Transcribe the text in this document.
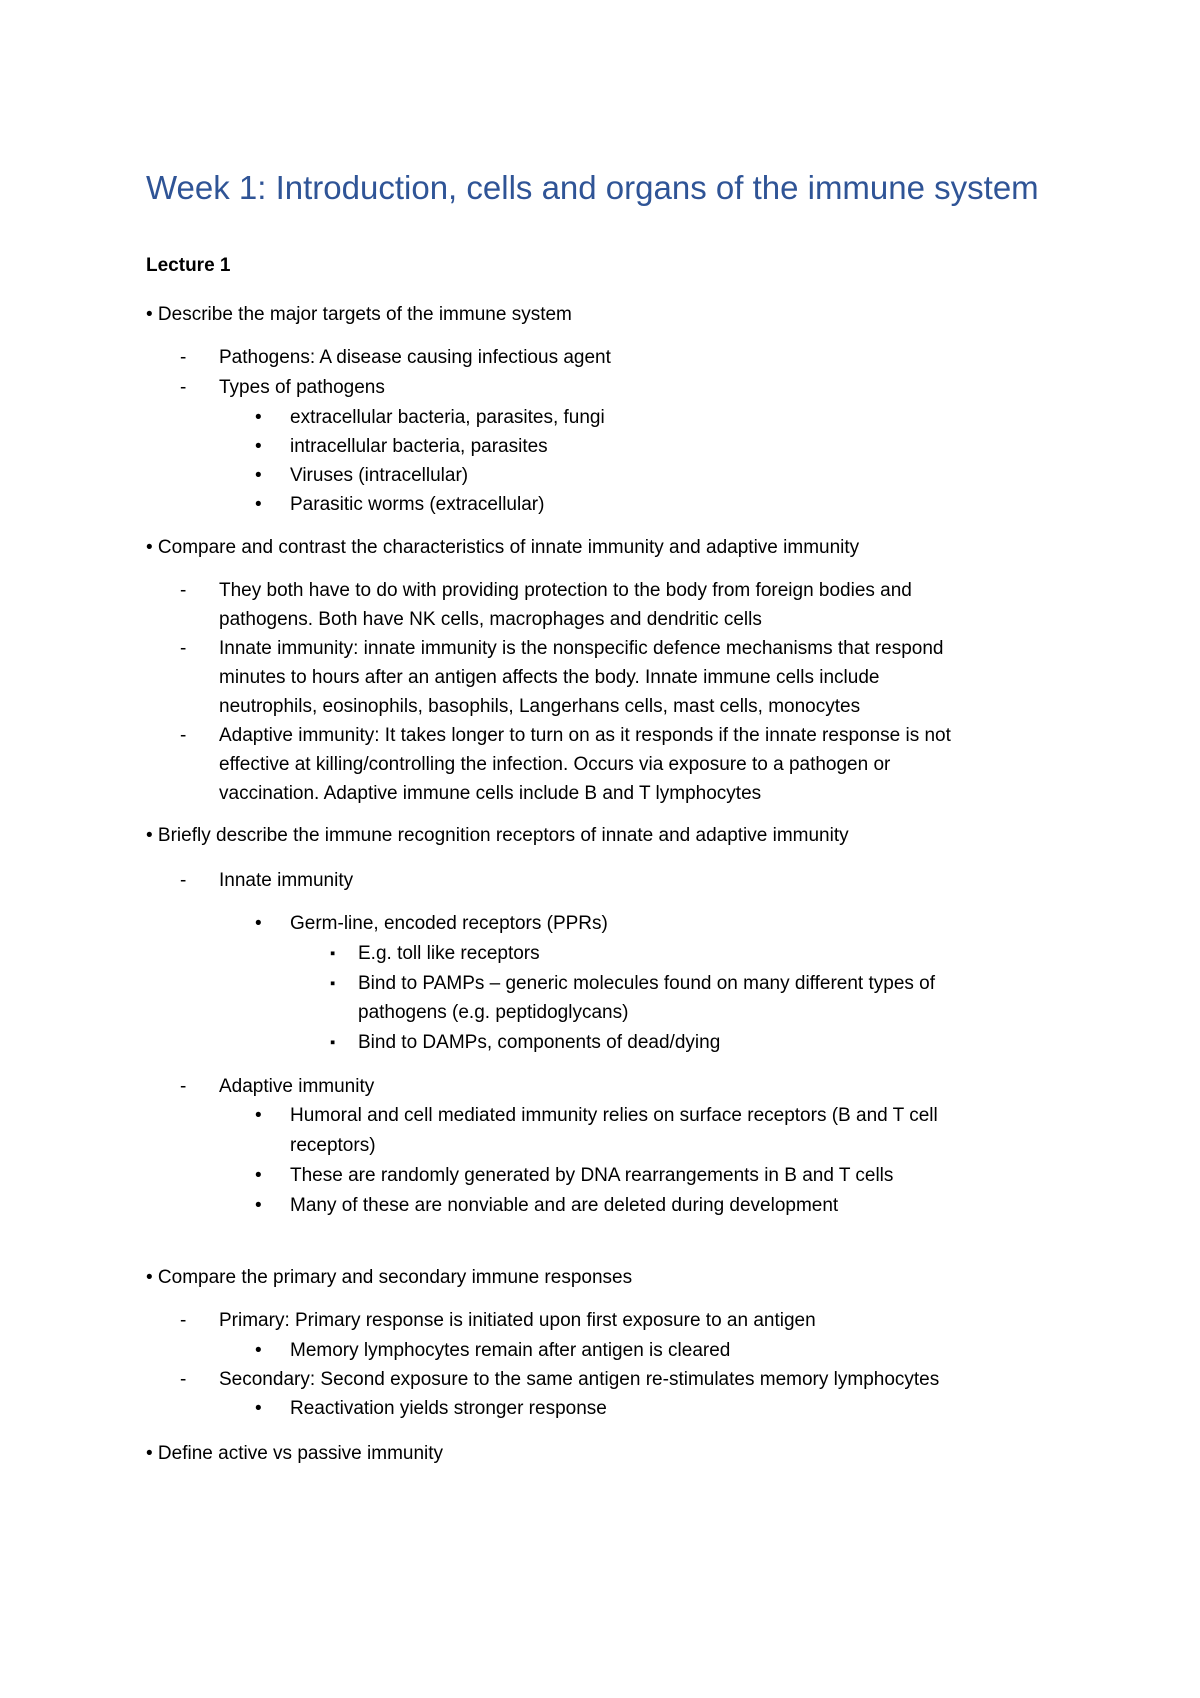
Week 1: Introduction, cells and organs of the immune system
Lecture 1
• Describe the major targets of the immune system
- Pathogens: A disease causing infectious agent
- Types of pathogens
• extracellular bacteria, parasites, fungi
• intracellular bacteria, parasites
• Viruses (intracellular)
• Parasitic worms (extracellular)
• Compare and contrast the characteristics of innate immunity and adaptive immunity
- They both have to do with providing protection to the body from foreign bodies and
pathogens. Both have NK cells, macrophages and dendritic cells
- Innate immunity: innate immunity is the nonspecific defence mechanisms that respond
minutes to hours after an antigen affects the body. Innate immune cells include
neutrophils, eosinophils, basophils, Langerhans cells, mast cells, monocytes
- Adaptive immunity: It takes longer to turn on as it responds if the innate response is not
effective at killing/controlling the infection. Occurs via exposure to a pathogen or
vaccination. Adaptive immune cells include B and T lymphocytes
• Briefly describe the immune recognition receptors of innate and adaptive immunity
- Innate immunity
• Germ-line, encoded receptors (PPRs)
▪ E.g. toll like receptors
▪ Bind to PAMPs – generic molecules found on many different types of
pathogens (e.g. peptidoglycans)
▪ Bind to DAMPs, components of dead/dying
- Adaptive immunity
• Humoral and cell mediated immunity relies on surface receptors (B and T cell
receptors)
• These are randomly generated by DNA rearrangements in B and T cells
• Many of these are nonviable and are deleted during development
• Compare the primary and secondary immune responses
- Primary: Primary response is initiated upon first exposure to an antigen
• Memory lymphocytes remain after antigen is cleared
- Secondary: Second exposure to the same antigen re-stimulates memory lymphocytes
• Reactivation yields stronger response
• Define active vs passive immunity
